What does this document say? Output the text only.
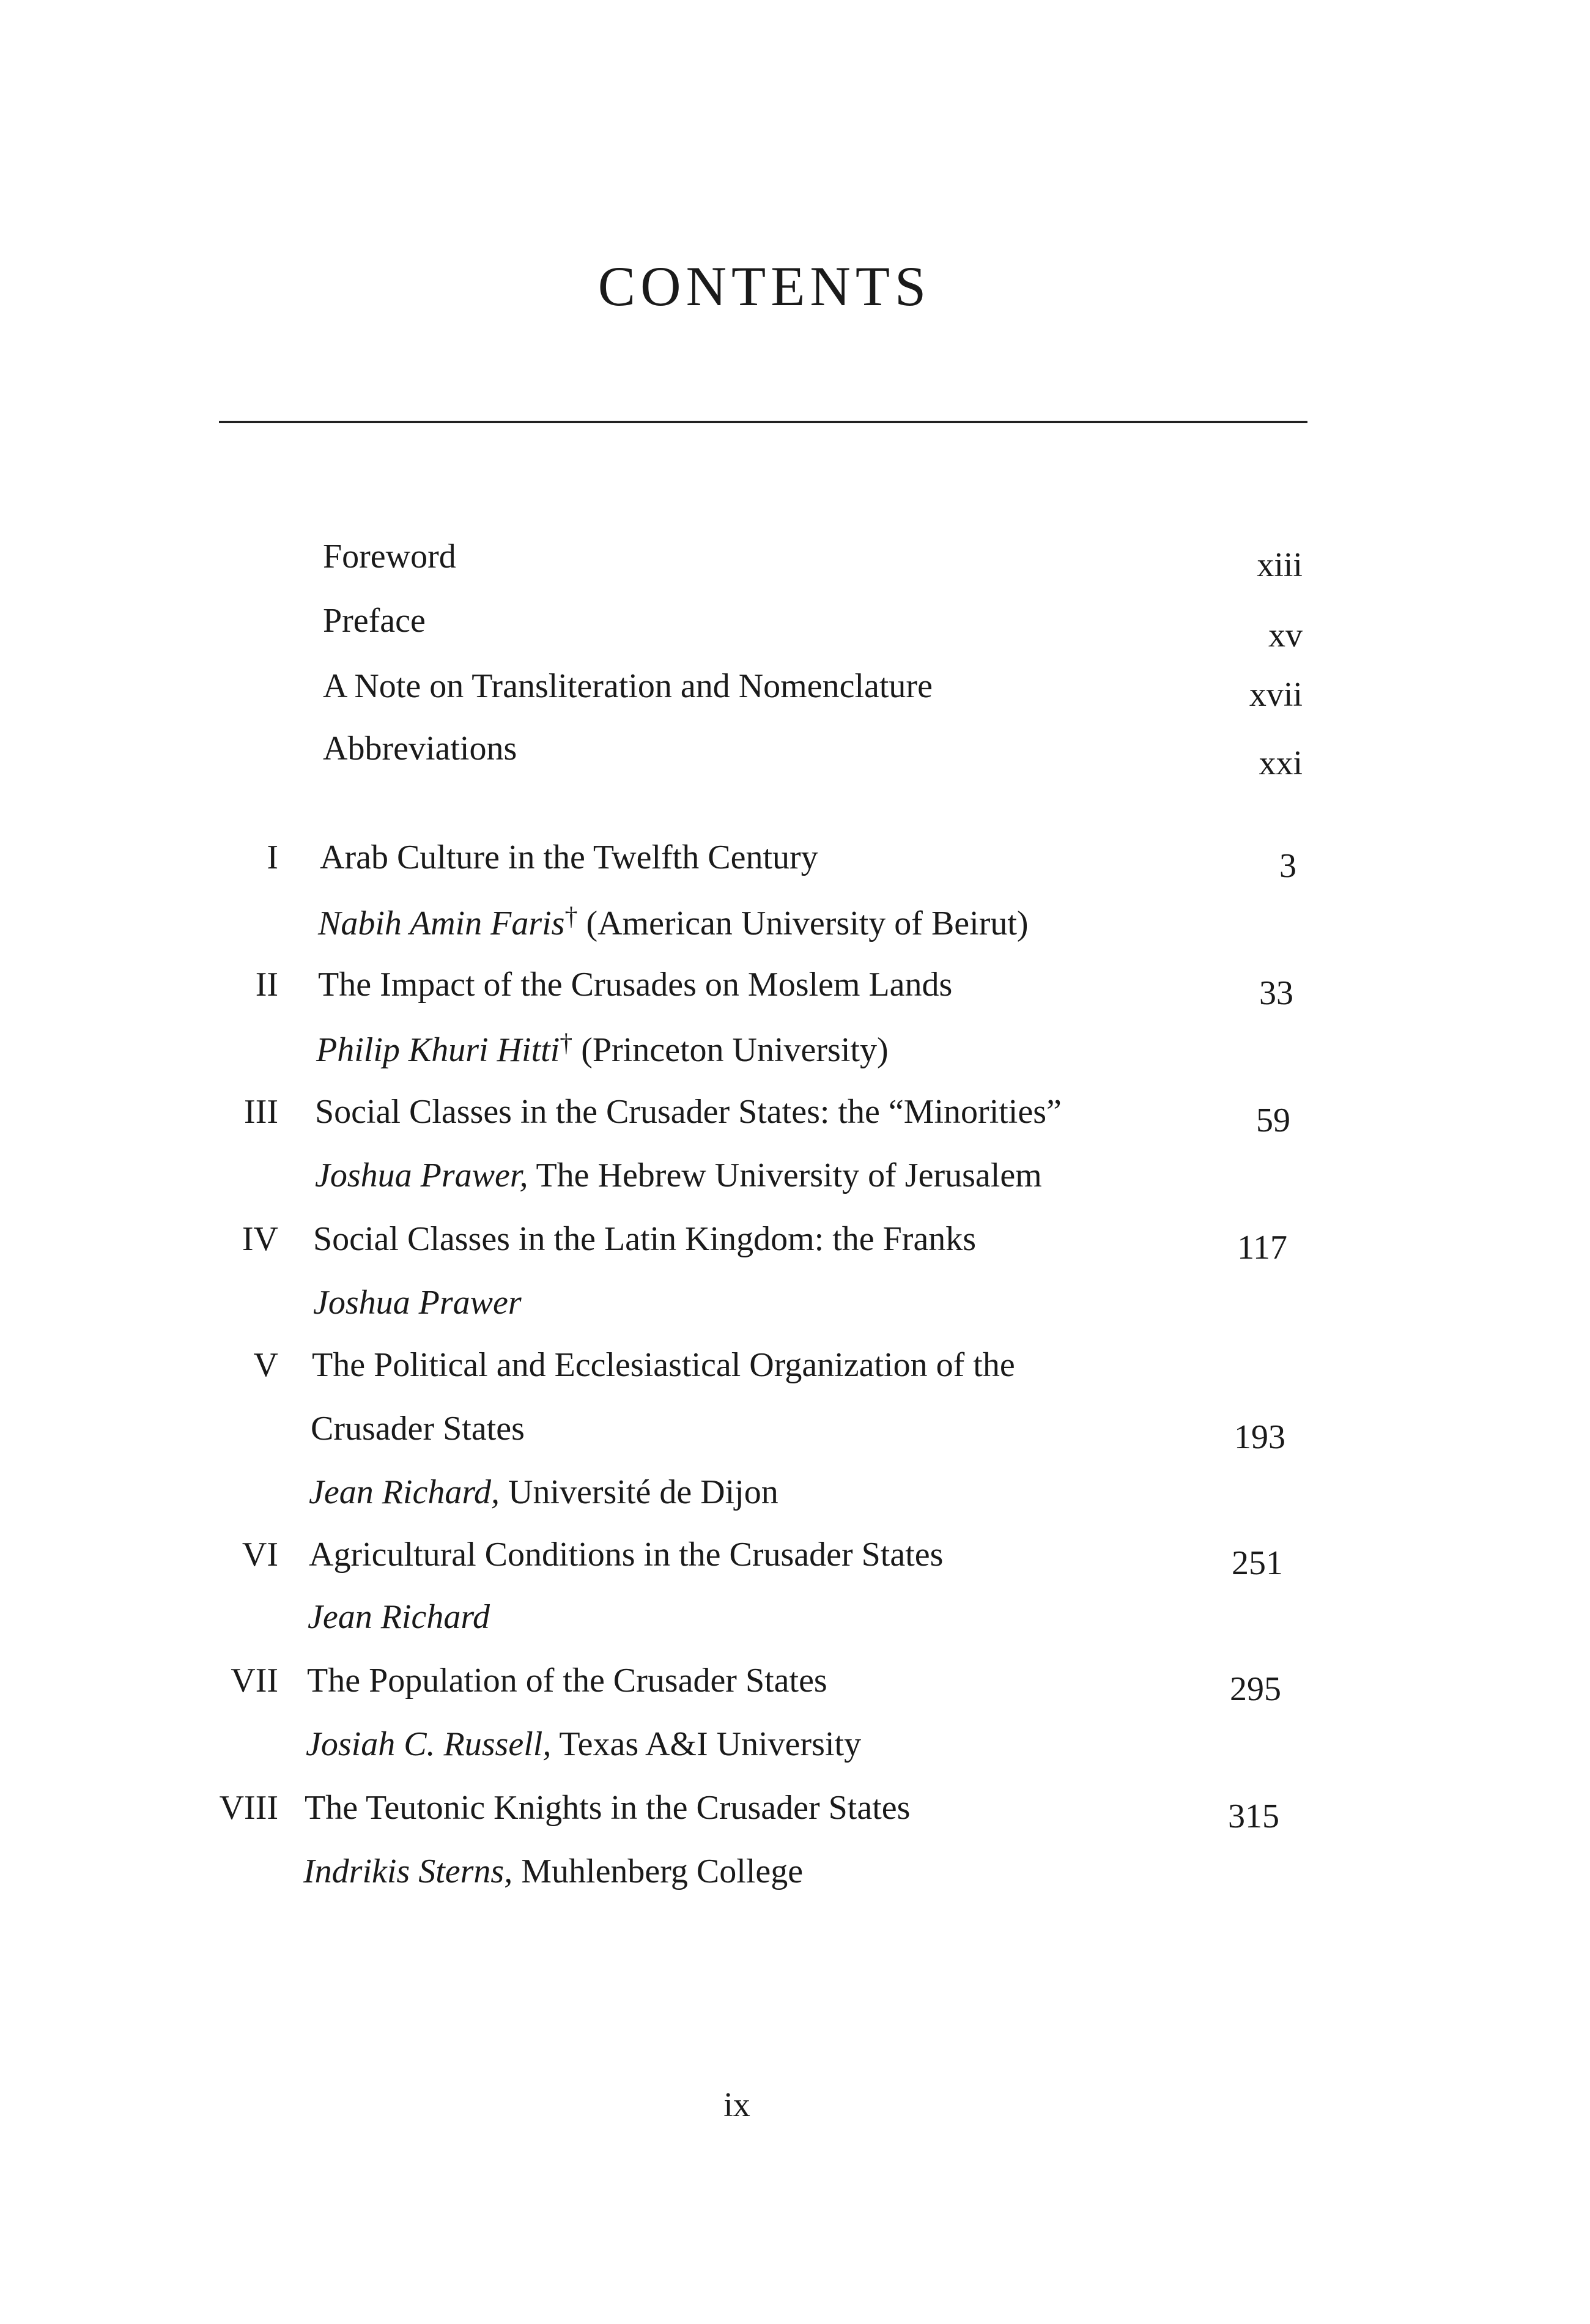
CONTENTS
Foreword	xiii
Preface	xv
A Note on Transliteration and Nomenclature	xvii
Abbreviations	xxi
I Arab Culture in the Twelfth Century	3
Nabih Amin Faris† (American University of Beirut)
II The Impact of the Crusades on Moslem Lands	33
Philip Khuri Hitti† (Princeton University)
III Social Classes in the Crusader States: the “Minorities”	59
Joshua Prawer, The Hebrew University of Jerusalem
IV Social Classes in the Latin Kingdom: the Franks	117
Joshua Prawer
V The Political and Ecclesiastical Organization of the
Crusader States	193
Jean Richard, Université de Dijon
VI Agricultural Conditions in the Crusader States	251
Jean Richard
VII The Population of the Crusader States	295
Josiah C. Russell, Texas A&I University
VIII The Teutonic Knights in the Crusader States	315
Indrikis Sterns, Muhlenberg College
ix
